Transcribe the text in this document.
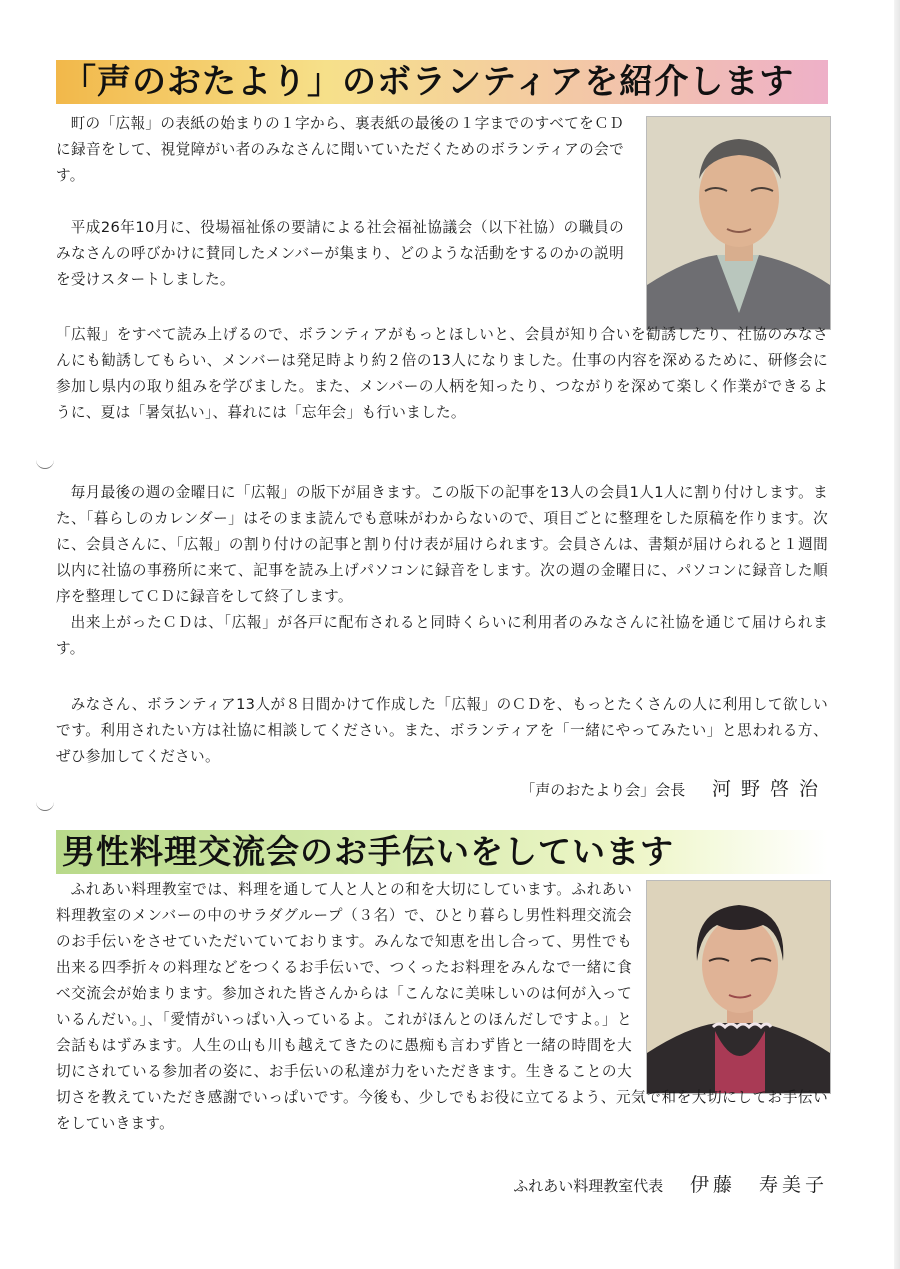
「声のおたより」のボランティアを紹介します

町の「広報」の表紙の始まりの１字から、裏表紙の最後の１字までのすべてをＣＤに録音をして、視覚障がい者のみなさんに聞いていただくためのボランティアの会です。

平成26年10月に、役場福祉係の要請による社会福祉協議会（以下社協）の職員のみなさんの呼びかけに賛同したメンバーが集まり、どのような活動をするのかの説明を受けスタートしました。

「広報」をすべて読み上げるので、ボランティアがもっとほしいと、会員が知り合いを勧誘したり、社協のみなさんにも勧誘してもらい、メンバーは発足時より約２倍の13人になりました。仕事の内容を深めるために、研修会に参加し県内の取り組みを学びました。また、メンバーの人柄を知ったり、つながりを深めて楽しく作業ができるように、夏は「暑気払い」、暮れには「忘年会」も行いました。

毎月最後の週の金曜日に「広報」の版下が届きます。この版下の記事を13人の会員1人1人に割り付けします。また、「暮らしのカレンダー」はそのまま読んでも意味がわからないので、項目ごとに整理をした原稿を作ります。次に、会員さんに、「広報」の割り付けの記事と割り付け表が届けられます。会員さんは、書類が届けられると１週間以内に社協の事務所に来て、記事を読み上げパソコンに録音をします。次の週の金曜日に、パソコンに録音した順序を整理してＣＤに録音をして終了します。

出来上がったＣＤは、「広報」が各戸に配布されると同時くらいに利用者のみなさんに社協を通じて届けられます。

みなさん、ボランティア13人が８日間かけて作成した「広報」のＣＤを、もっとたくさんの人に利用して欲しいです。利用されたい方は社協に相談してください。また、ボランティアを「一緒にやってみたい」と思われる方、ぜひ参加してください。

「声のおたより会」会長 河野啓治
男性料理交流会のお手伝いをしています

ふれあい料理教室では、料理を通して人と人との和を大切にしています。ふれあい料理教室のメンバーの中のサラダグループ（３名）で、ひとり暮らし男性料理交流会のお手伝いをさせていただいていております。みんなで知恵を出し合って、男性でも出来る四季折々の料理などをつくるお手伝いで、つくったお料理をみんなで一緒に食べ交流会が始まります。参加された皆さんからは「こんなに美味しいのは何が入っているんだい。」、「愛情がいっぱい入っているよ。これがほんとのほんだしですよ。」と会話もはずみます。人生の山も川も越えてきたのに愚痴も言わず皆と一緒の時間を大切にされている参加者の姿に、お手伝いの私達が力をいただきます。生きることの大切さを教えていただき感謝でいっぱいです。今後も、少しでもお役に立てるよう、元気で和を大切にしてお手伝いをしていきます。

ふれあい料理教室代表 伊藤　寿美子
